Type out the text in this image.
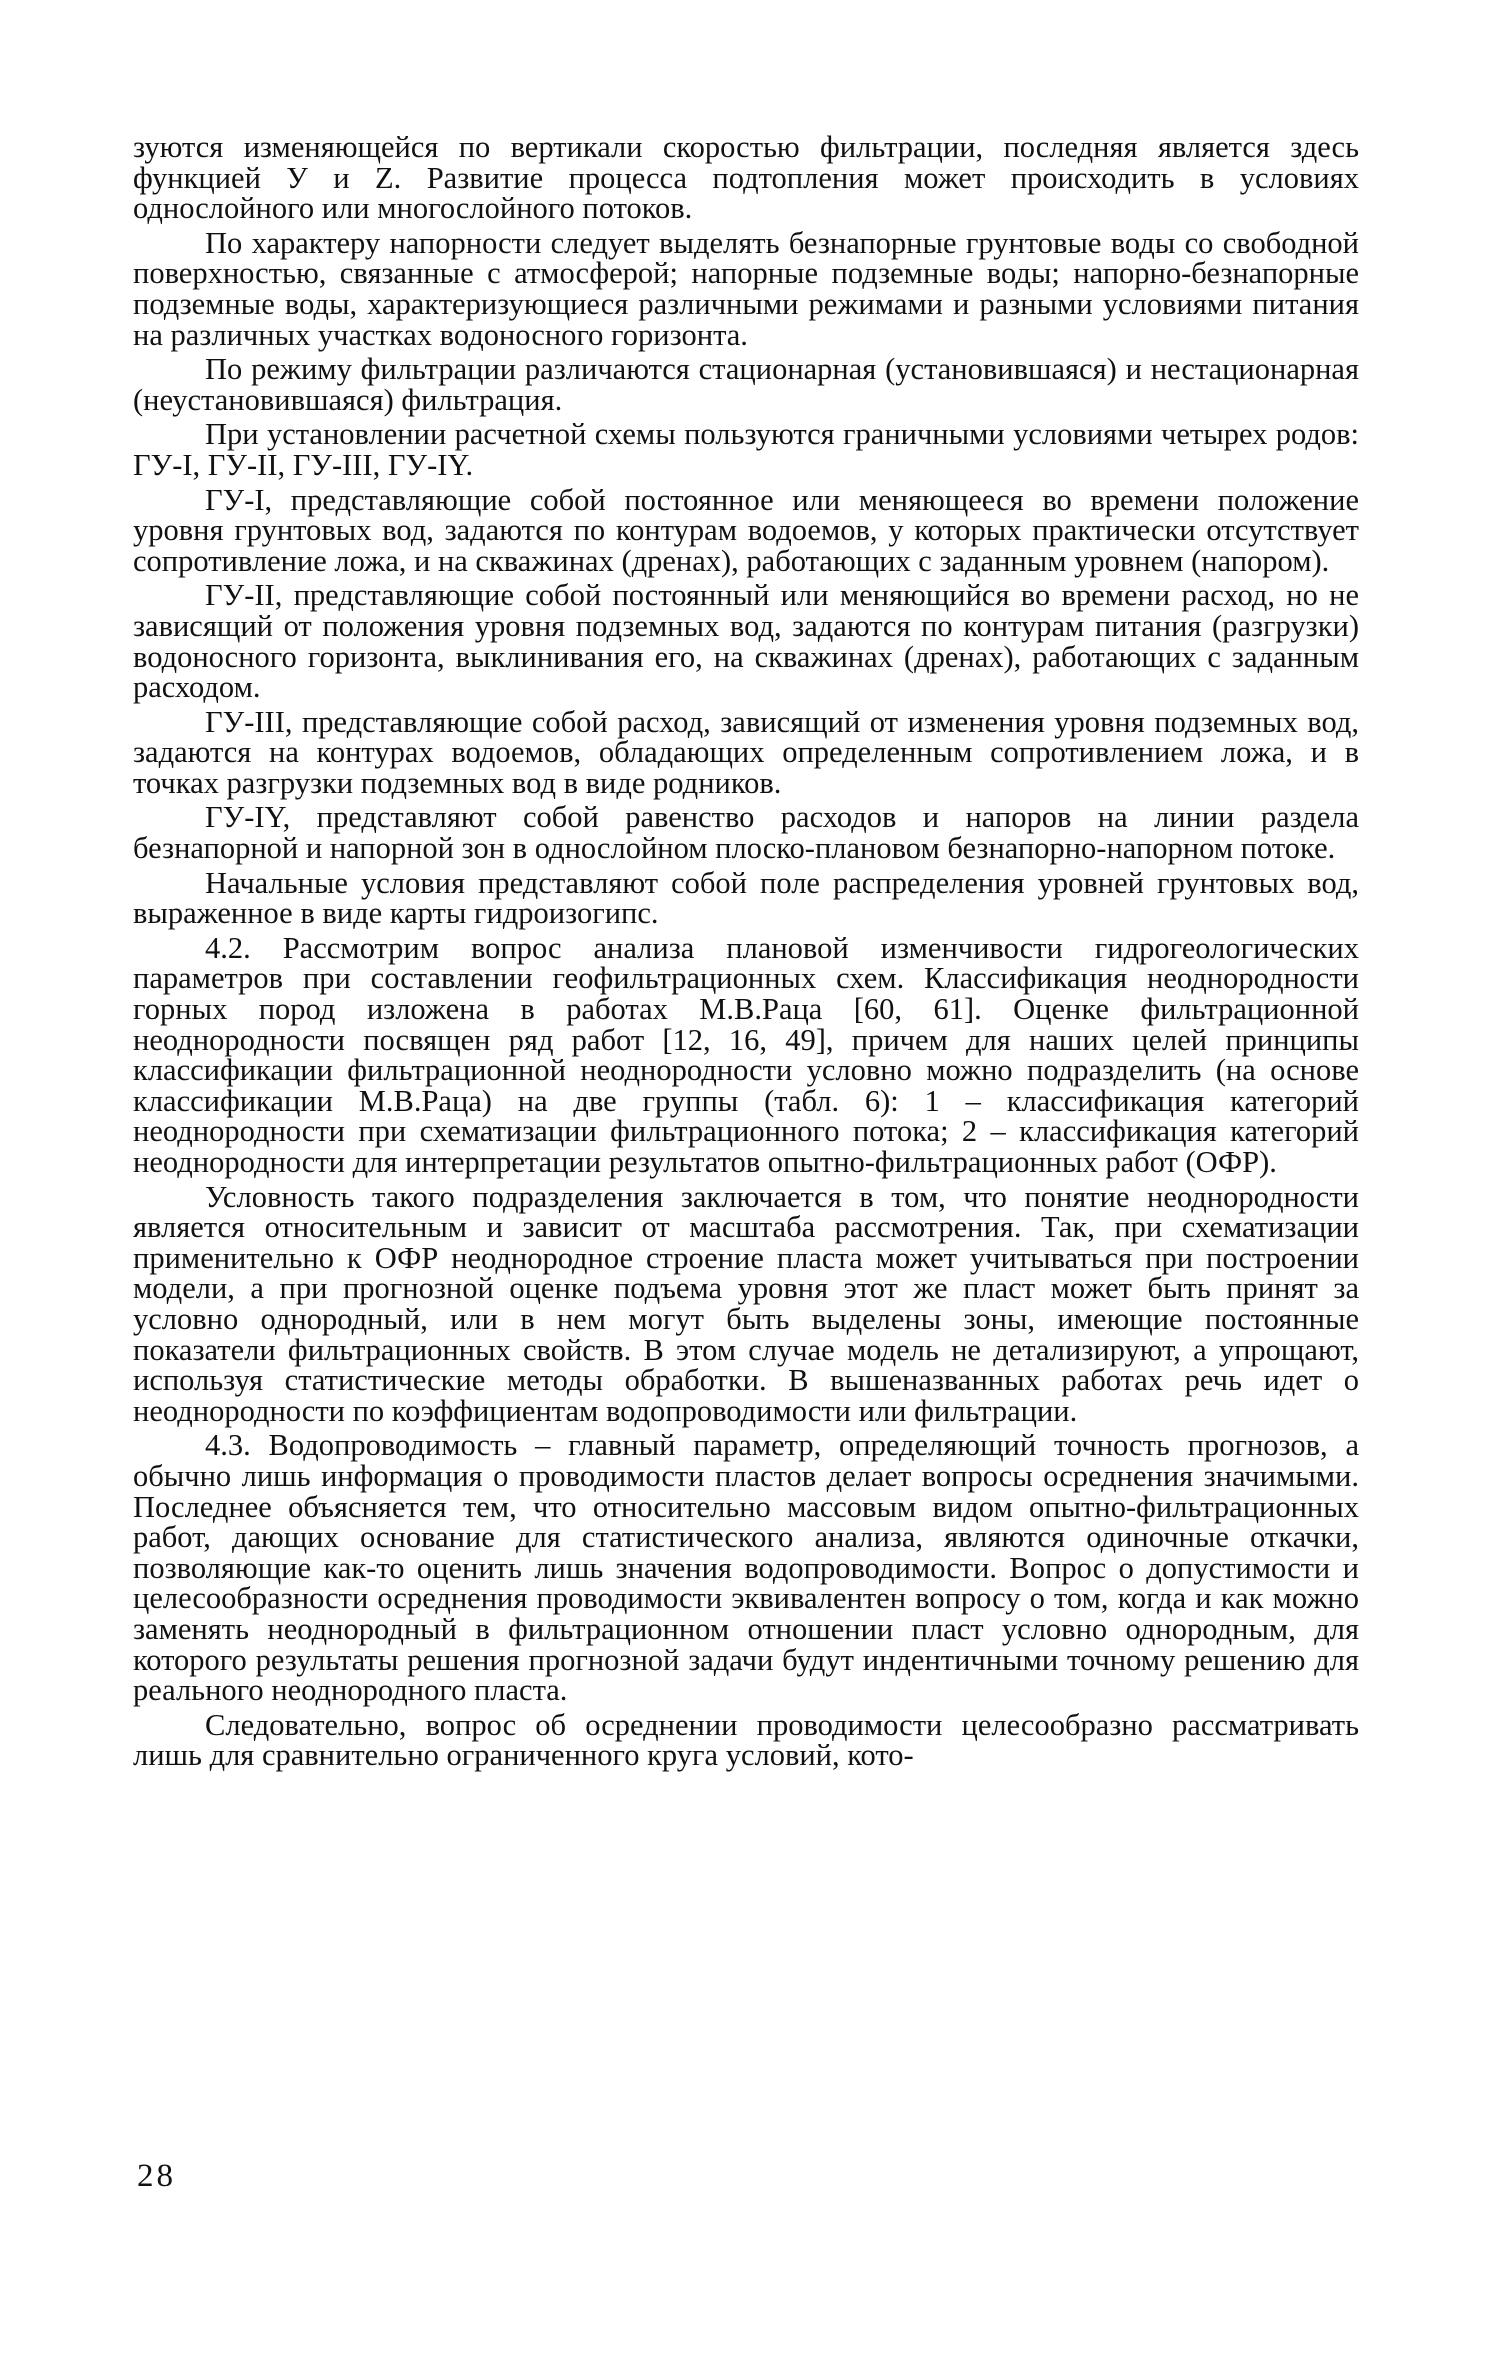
зуются изменяющейся по вертикали скоростью фильтрации, последняя является здесь функцией У и Z. Развитие процесса подтопления может происходить в условиях однослойного или многослойного потоков.

По характеру напорности следует выделять безнапорные грунтовые воды со свободной поверхностью, связанные с атмосферой; напорные подземные воды; напорно-безнапорные подземные воды, характеризующиеся различными режимами и разными условиями питания на различных участках водоносного горизонта.

По режиму фильтрации различаются стационарная (установившаяся) и нестационарная (неустановившаяся) фильтрация.

При установлении расчетной схемы пользуются граничными условиями четырех родов: ГУ-I, ГУ-II, ГУ-III, ГУ-IY.

ГУ-I, представляющие собой постоянное или меняющееся во времени положение уровня грунтовых вод, задаются по контурам водоемов, у которых практически отсутствует сопротивление ложа, и на скважинах (дренах), работающих с заданным уровнем (напором).

ГУ-II, представляющие собой постоянный или меняющийся во времени расход, но не зависящий от положения уровня подземных вод, задаются по контурам питания (разгрузки) водоносного горизонта, выклинивания его, на скважинах (дренах), работающих с заданным расходом.

ГУ-III, представляющие собой расход, зависящий от изменения уровня подземных вод, задаются на контурах водоемов, обладающих определенным сопротивлением ложа, и в точках разгрузки подземных вод в виде родников.

ГУ-IY, представляют собой равенство расходов и напоров на линии раздела безнапорной и напорной зон в однослойном плоско-плановом безнапорно-напорном потоке.

Начальные условия представляют собой поле распределения уровней грунтовых вод, выраженное в виде карты гидроизогипс.

4.2. Рассмотрим вопрос анализа плановой изменчивости гидрогеологических параметров при составлении геофильтрационных схем. Классификация неоднородности горных пород изложена в работах М.В.Раца [60, 61]. Оценке фильтрационной неоднородности посвящен ряд работ [12, 16, 49], причем для наших целей принципы классификации фильтрационной неоднородности условно можно подразделить (на основе классификации М.В.Раца) на две группы (табл. 6): 1 – классификация категорий неоднородности при схематизации фильтрационного потока; 2 – классификация категорий неоднородности для интерпретации результатов опытно-фильтрационных работ (ОФР).

Условность такого подразделения заключается в том, что понятие неоднородности является относительным и зависит от масштаба рассмотрения. Так, при схематизации применительно к ОФР неоднородное строение пласта может учитываться при построении модели, а при прогнозной оценке подъема уровня этот же пласт может быть принят за условно однородный, или в нем могут быть выделены зоны, имеющие постоянные показатели фильтрационных свойств. В этом случае модель не детализируют, а упрощают, используя статистические методы обработки. В вышеназванных работах речь идет о неоднородности по коэффициентам водопроводимости или фильтрации.

4.3. Водопроводимость – главный параметр, определяющий точность прогнозов, а обычно лишь информация о проводимости пластов делает вопросы осреднения значимыми. Последнее объясняется тем, что относительно массовым видом опытно-фильтрационных работ, дающих основание для статистического анализа, являются одиночные откачки, позволяющие как-то оценить лишь значения водопроводимости. Вопрос о допустимости и целесообразности осреднения проводимости эквивалентен вопросу о том, когда и как можно заменять неоднородный в фильтрационном отношении пласт условно однородным, для которого результаты решения прогнозной задачи будут индентичными точному решению для реального неоднородного пласта.

Следовательно, вопрос об осреднении проводимости целесообразно рассматривать лишь для сравнительно ограниченного круга условий, кото-

28
